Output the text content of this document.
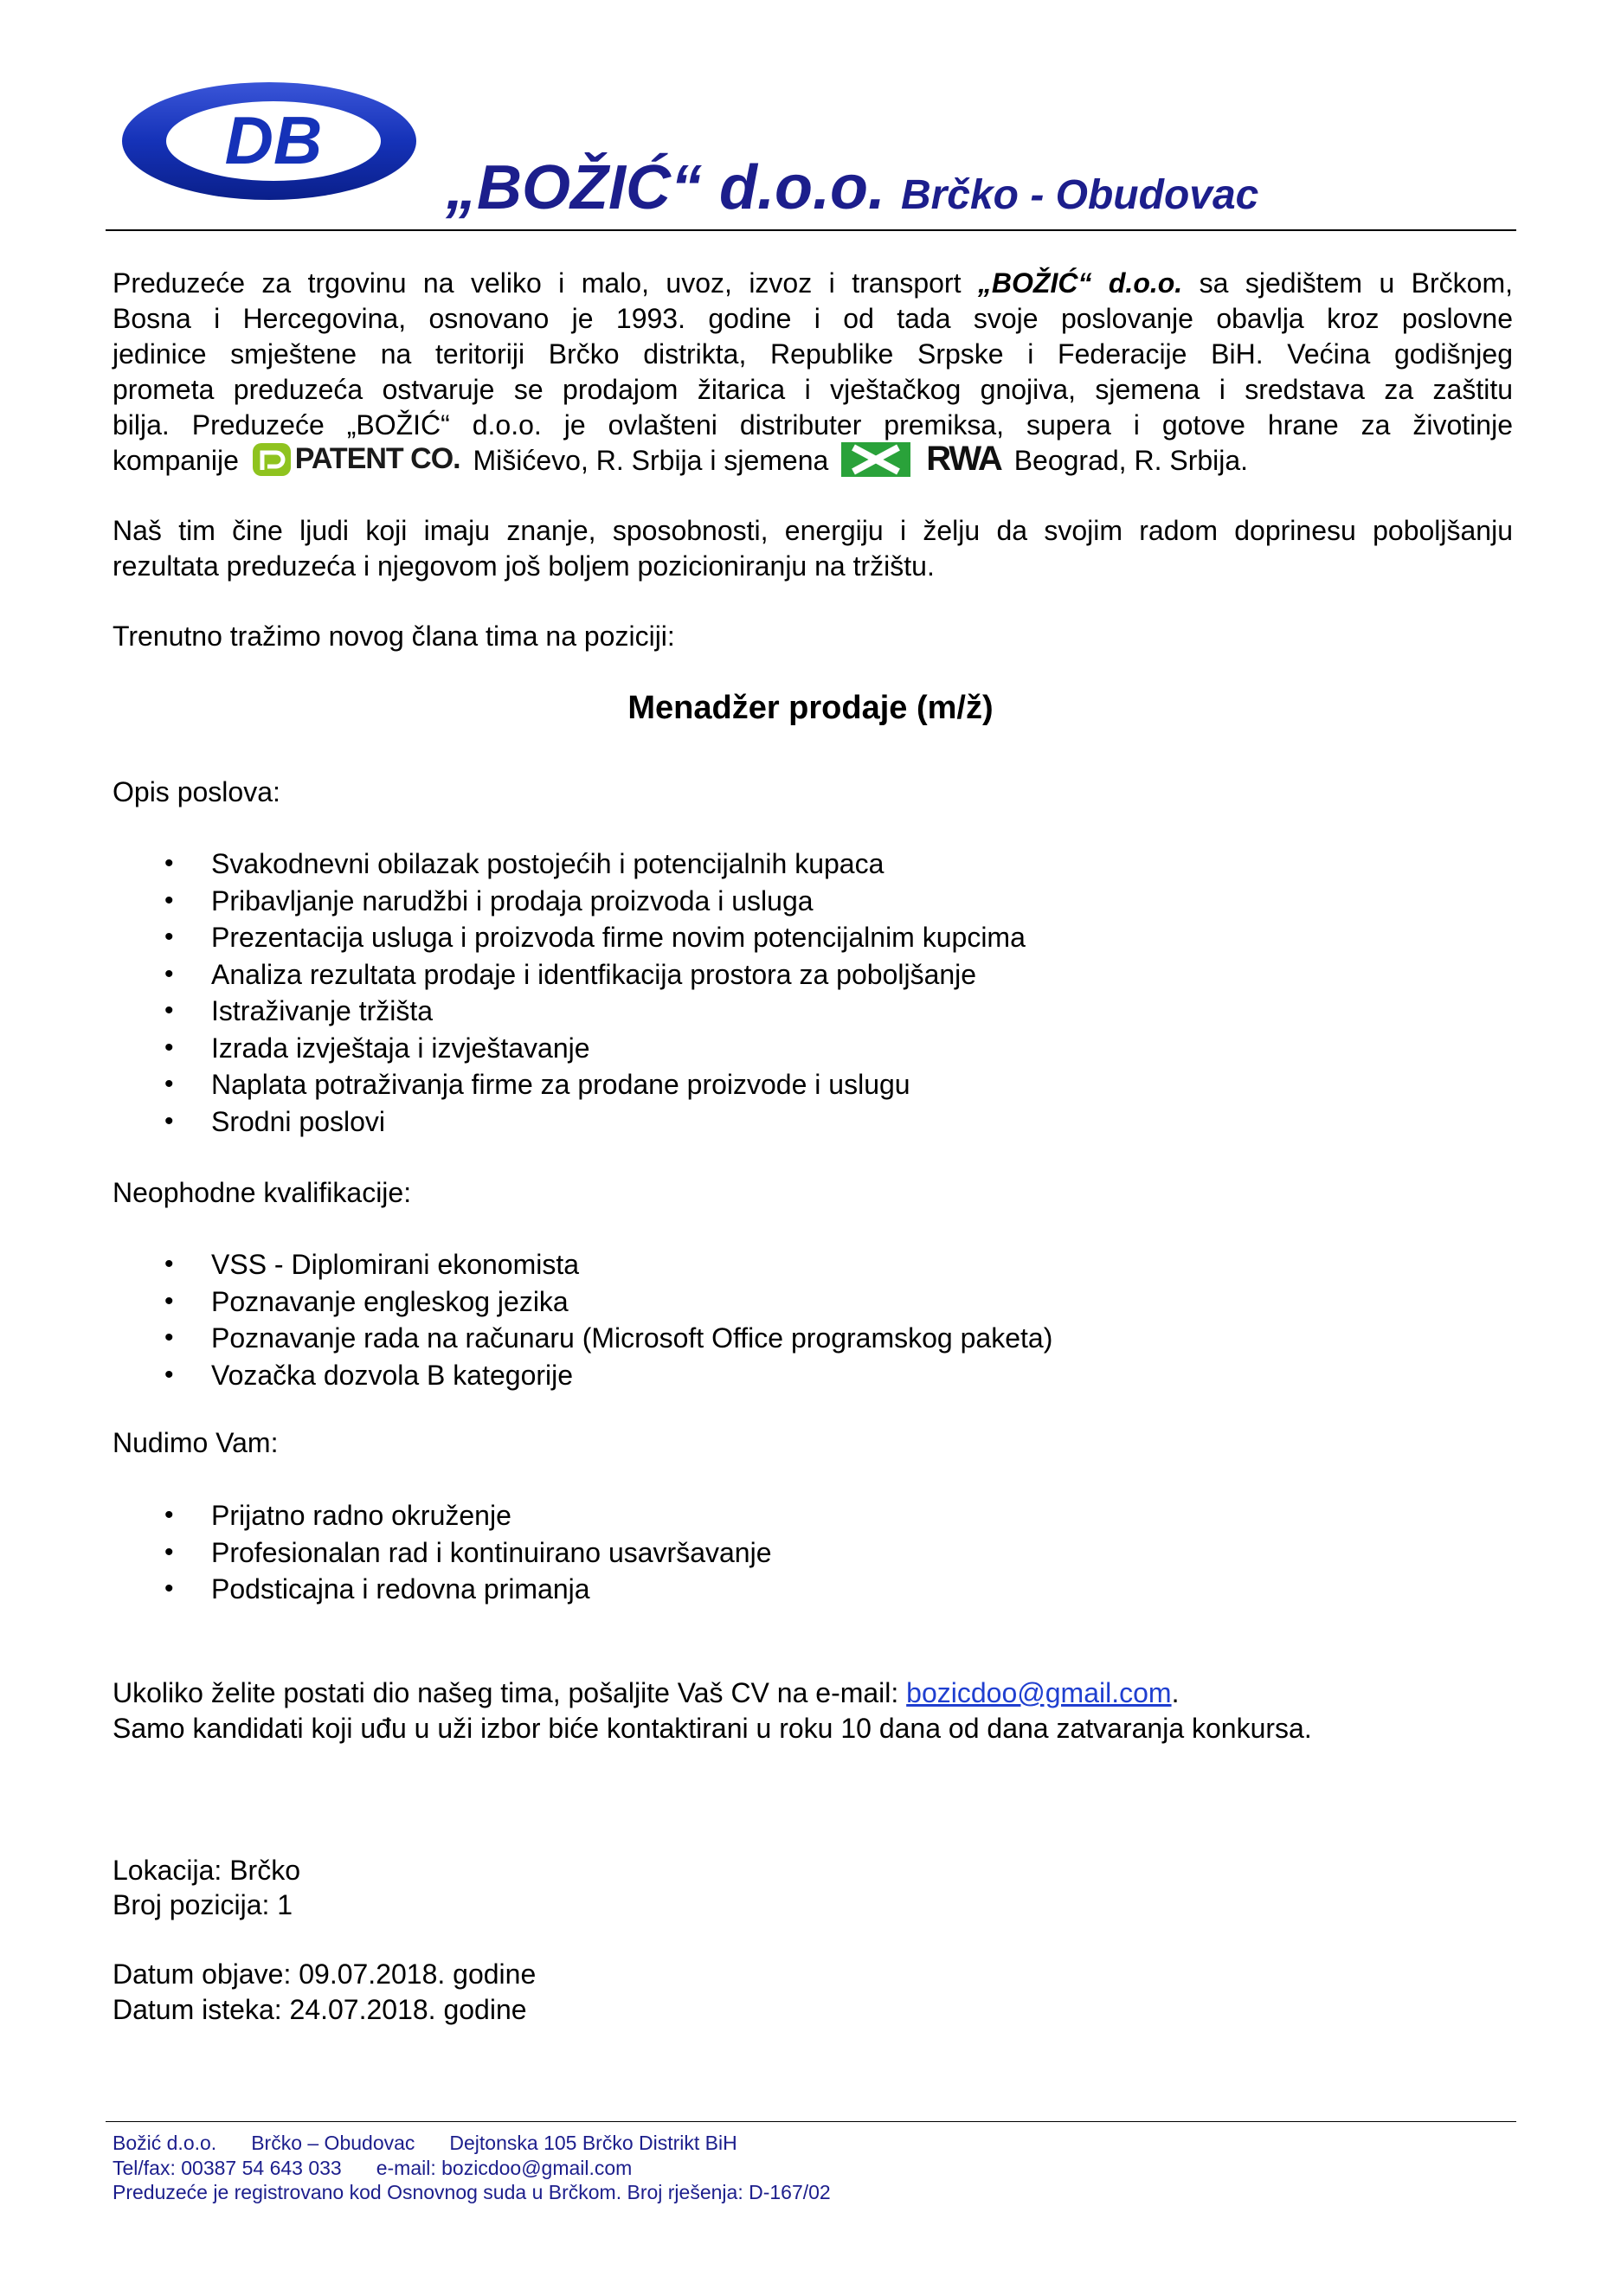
DB
„BOŽIĆ“ d.o.o. Brčko - Obudovac
Preduzeće za trgovinu na veliko i malo, uvoz, izvoz i transport „BOŽIĆ“ d.o.o. sa sjedištem u Brčkom,
Bosna i Hercegovina, osnovano je 1993. godine i od tada svoje poslovanje obavlja kroz poslovne
jedinice smještene na teritoriji Brčko distrikta, Republike Srpske i Federacije BiH. Većina godišnjeg
prometa preduzeća ostvaruje se prodajom žitarica i vještačkog gnojiva, sjemena i sredstava za zaštitu
bilja. Preduzeće „BOŽIĆ“ d.o.o. je ovlašteni distributer premiksa, supera i gotove hrane za životinje
kompanije PATENT CO. Mišićevo, R. Srbija i sjemena	RWA Beograd, R. Srbija.
Naš tim čine ljudi koji imaju znanje, sposobnosti, energiju i želju da svojim radom doprinesu poboljšanju
rezultata preduzeća i njegovom još boljem pozicioniranju na tržištu.
Trenutno tražimo novog člana tima na poziciji:
Menadžer prodaje (m/ž)
Opis poslova:
• Svakodnevni obilazak postojećih i potencijalnih kupaca
• Pribavljanje narudžbi i prodaja proizvoda i usluga
• Prezentacija usluga i proizvoda firme novim potencijalnim kupcima
• Analiza rezultata prodaje i identfikacija prostora za poboljšanje
• Istraživanje tržišta
• Izrada izvještaja i izvještavanje
• Naplata potraživanja firme za prodane proizvode i uslugu
• Srodni poslovi
Neophodne kvalifikacije:
• VSS - Diplomirani ekonomista
• Poznavanje engleskog jezika
• Poznavanje rada na računaru (Microsoft Office programskog paketa)
• Vozačka dozvola B kategorije
Nudimo Vam:
• Prijatno radno okruženje
• Profesionalan rad i kontinuirano usavršavanje
• Podsticajna i redovna primanja
Ukoliko želite postati dio našeg tima, pošaljite Vaš CV na e-mail: bozicdoo@gmail.com.
Samo kandidati koji uđu u uži izbor biće kontaktirani u roku 10 dana od dana zatvaranja konkursa.
Lokacija: Brčko
Broj pozicija: 1
Datum objave: 09.07.2018. godine
Datum isteka: 24.07.2018. godine
Božić d.o.o. Brčko – Obudovac Dejtonska 105 Brčko Distrikt BiH
Tel/fax: 00387 54 643 033 e-mail: bozicdoo@gmail.com
Preduzeće je registrovano kod Osnovnog suda u Brčkom. Broj rješenja: D-167/02
